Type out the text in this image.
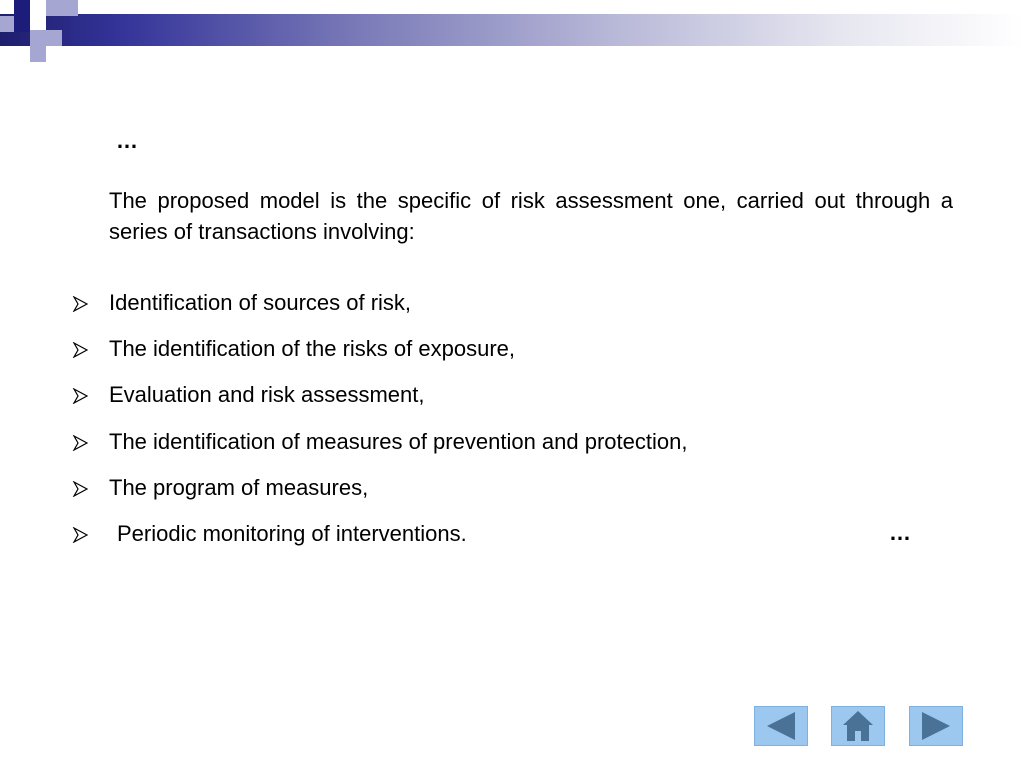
…

The proposed model is the specific of risk assessment one, carried out through a series of transactions involving:

Identification of sources of risk,
The identification of the risks of exposure,
Evaluation and risk assessment,
The identification of measures of prevention and protection,
The program of measures,
Periodic monitoring of interventions.	…
